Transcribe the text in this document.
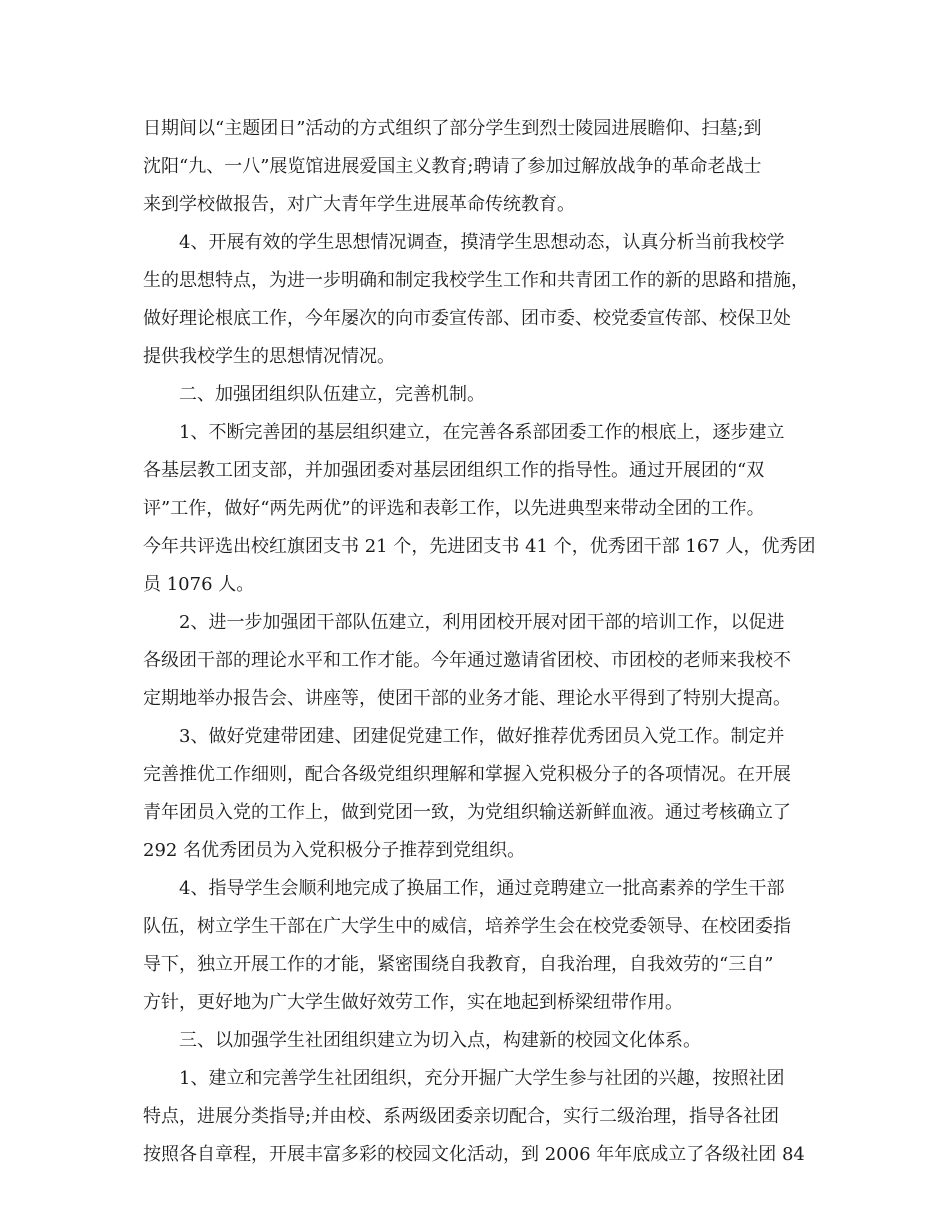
日期间以“主题团日”活动的方式组织了部分学生到烈士陵园进展瞻仰、扫墓;到
沈阳“九、一八”展览馆进展爱国主义教育;聘请了参加过解放战争的革命老战士
来到学校做报告，对广大青年学生进展革命传统教育。
4、开展有效的学生思想情况调查，摸清学生思想动态，认真分析当前我校学
生的思想特点，为进一步明确和制定我校学生工作和共青团工作的新的思路和措施，
做好理论根底工作，今年屡次的向市委宣传部、团市委、校党委宣传部、校保卫处
提供我校学生的思想情况情况。
二、加强团组织队伍建立，完善机制。
1、不断完善团的基层组织建立，在完善各系部团委工作的根底上，逐步建立
各基层教工团支部，并加强团委对基层团组织工作的指导性。通过开展团的“双
评”工作，做好“两先两优”的评选和表彰工作，以先进典型来带动全团的工作。
今年共评选出校红旗团支书 21 个，先进团支书 41 个，优秀团干部 167 人，优秀团
员 1076 人。
2、进一步加强团干部队伍建立，利用团校开展对团干部的培训工作，以促进
各级团干部的理论水平和工作才能。今年通过邀请省团校、市团校的老师来我校不
定期地举办报告会、讲座等，使团干部的业务才能、理论水平得到了特别大提高。
3、做好党建带团建、团建促党建工作，做好推荐优秀团员入党工作。制定并
完善推优工作细则，配合各级党组织理解和掌握入党积极分子的各项情况。在开展
青年团员入党的工作上，做到党团一致，为党组织输送新鲜血液。通过考核确立了
292 名优秀团员为入党积极分子推荐到党组织。
4、指导学生会顺利地完成了换届工作，通过竞聘建立一批高素养的学生干部
队伍，树立学生干部在广大学生中的威信，培养学生会在校党委领导、在校团委指
导下，独立开展工作的才能，紧密围绕自我教育，自我治理，自我效劳的“三自”
方针，更好地为广大学生做好效劳工作，实在地起到桥梁纽带作用。
三、以加强学生社团组织建立为切入点，构建新的校园文化体系。
1、建立和完善学生社团组织，充分开掘广大学生参与社团的兴趣，按照社团
特点，进展分类指导;并由校、系两级团委亲切配合，实行二级治理，指导各社团
按照各自章程，开展丰富多彩的校园文化活动，到 2006 年年底成立了各级社团 84
